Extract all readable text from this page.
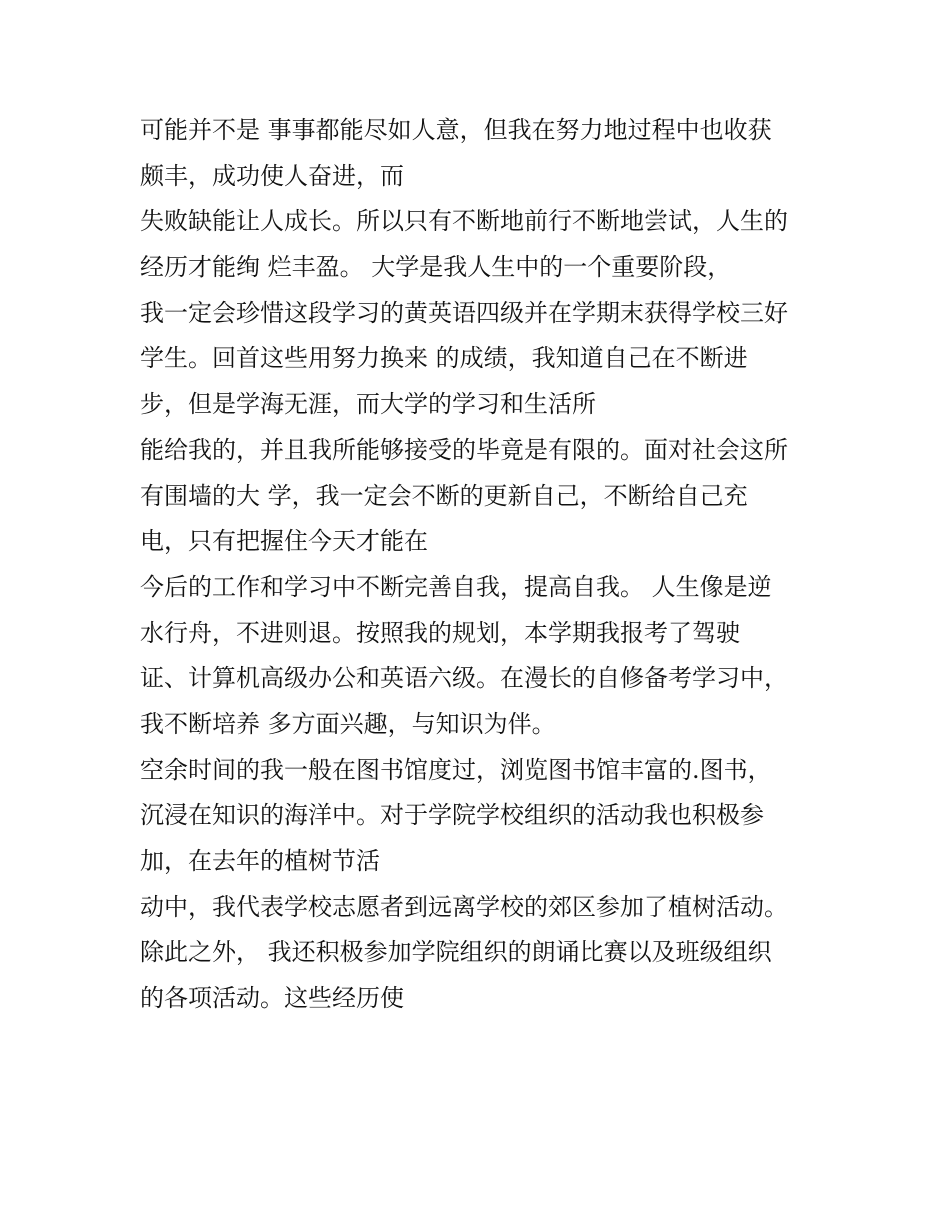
可能并不是 事事都能尽如人意，但我在努力地过程中也收获
颇丰，成功使人奋进，而
失败缺能让人成长。所以只有不断地前行不断地尝试，人生的
经历才能绚 烂丰盈。 大学是我人生中的一个重要阶段，
我一定会珍惜这段学习的黄英语四级并在学期末获得学校三好
学生。回首这些用努力换来 的成绩，我知道自己在不断进
步，但是学海无涯，而大学的学习和生活所
能给我的，并且我所能够接受的毕竟是有限的。面对社会这所
有围墙的大 学，我一定会不断的更新自己，不断给自己充
电，只有把握住今天才能在
今后的工作和学习中不断完善自我，提高自我。 人生像是逆
水行舟，不进则退。按照我的规划，本学期我报考了驾驶
证、计算机高级办公和英语六级。在漫长的自修备考学习中，
我不断培养 多方面兴趣，与知识为伴。
空余时间的我一般在图书馆度过，浏览图书馆丰富的.图书，
沉浸在知识的海洋中。对于学院学校组织的活动我也积极参
加，在去年的植树节活
动中，我代表学校志愿者到远离学校的郊区参加了植树活动。
除此之外， 我还积极参加学院组织的朗诵比赛以及班级组织
的各项活动。这些经历使
